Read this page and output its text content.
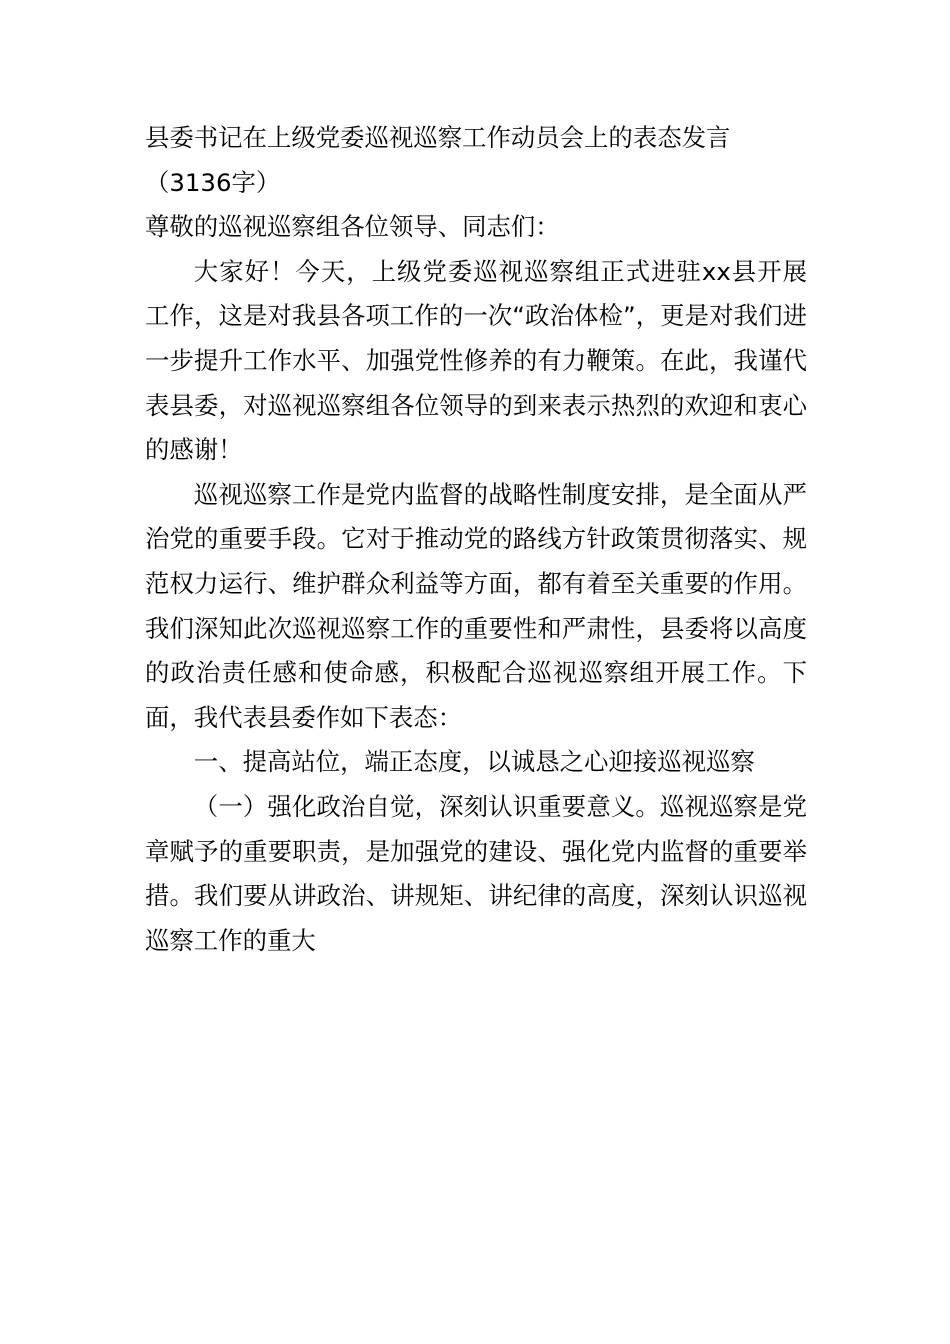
县委书记在上级党委巡视巡察工作动员会上的表态发言

（3136字）

尊敬的巡视巡察组各位领导、同志们：

大家好！今天，上级党委巡视巡察组正式进驻xx县开展工作，这是对我县各项工作的一次“政治体检”，更是对我们进一步提升工作水平、加强党性修养的有力鞭策。在此，我谨代表县委，对巡视巡察组各位领导的到来表示热烈的欢迎和衷心的感谢！

巡视巡察工作是党内监督的战略性制度安排，是全面从严治党的重要手段。它对于推动党的路线方针政策贯彻落实、规范权力运行、维护群众利益等方面，都有着至关重要的作用。我们深知此次巡视巡察工作的重要性和严肃性，县委将以高度的政治责任感和使命感，积极配合巡视巡察组开展工作。下面，我代表县委作如下表态：

一、提高站位，端正态度，以诚恳之心迎接巡视巡察

（一）强化政治自觉，深刻认识重要意义。巡视巡察是党章赋予的重要职责，是加强党的建设、强化党内监督的重要举措。我们要从讲政治、讲规矩、讲纪律的高度，深刻认识巡视巡察工作的重大
